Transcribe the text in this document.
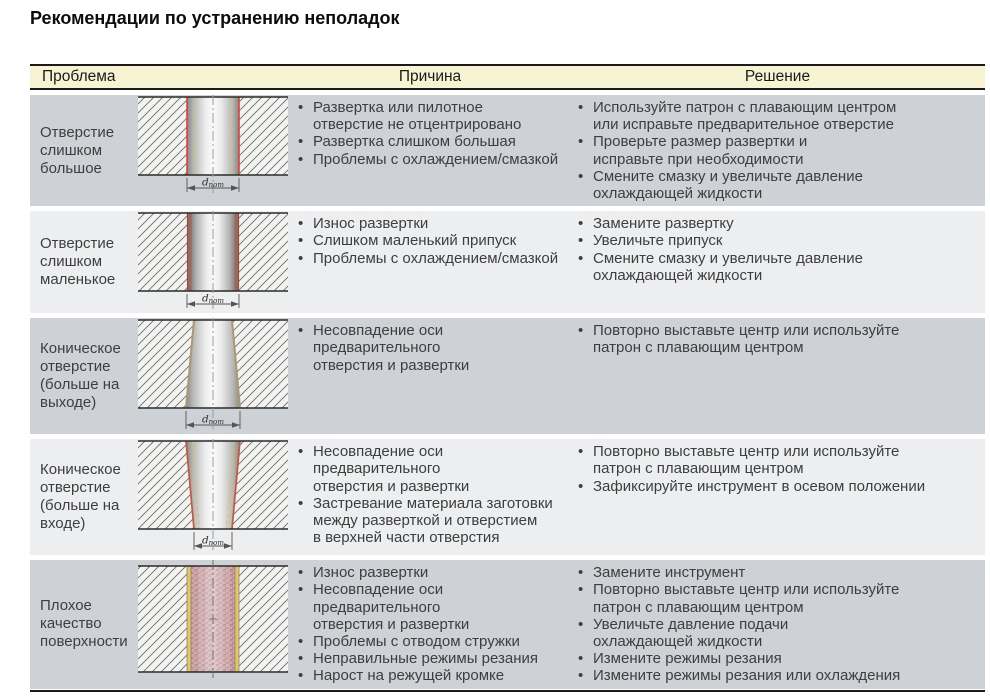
Рекомендации по устранению неполадок
Проблема	Причина	Решение
Отверстие
слишком
большое
dnom
• Развертка или пилотное
отверстие не отцентрировано
• Развертка слишком большая
• Проблемы с охлаждением/смазкой
• Используйте патрон с плавающим центром
или исправьте предварительное отверстие
• Проверьте размер развертки и
исправьте при необходимости
• Смените смазку и увеличьте давление
охлаждающей жидкости
Отверстие
слишком
маленькое
dnom
• Износ развертки
• Слишком маленький припуск
• Проблемы с охлаждением/смазкой
• Замените развертку
• Увеличьте припуск
• Смените смазку и увеличьте давление
охлаждающей жидкости
Коническое
отверстие
(больше на
выходе)
dnom
• Несовпадение оси
предварительного
отверстия и развертки
• Повторно выставьте центр или используйте
патрон с плавающим центром
Коническое
отверстие
(больше на
входе)
dnom
• Несовпадение оси
предварительного
отверстия и развертки
• Застревание материала заготовки
между разверткой и отверстием
в верхней части отверстия
• Повторно выставьте центр или используйте
патрон с плавающим центром
• Зафиксируйте инструмент в осевом положении
Плохое
качество
поверхности
• Износ развертки
• Несовпадение оси
предварительного
отверстия и развертки
• Проблемы с отводом стружки
• Неправильные режимы резания
• Нарост на режущей кромке
• Замените инструмент
• Повторно выставьте центр или используйте
патрон с плавающим центром
• Увеличьте давление подачи
охлаждающей жидкости
• Измените режимы резания
• Измените режимы резания или охлаждения
